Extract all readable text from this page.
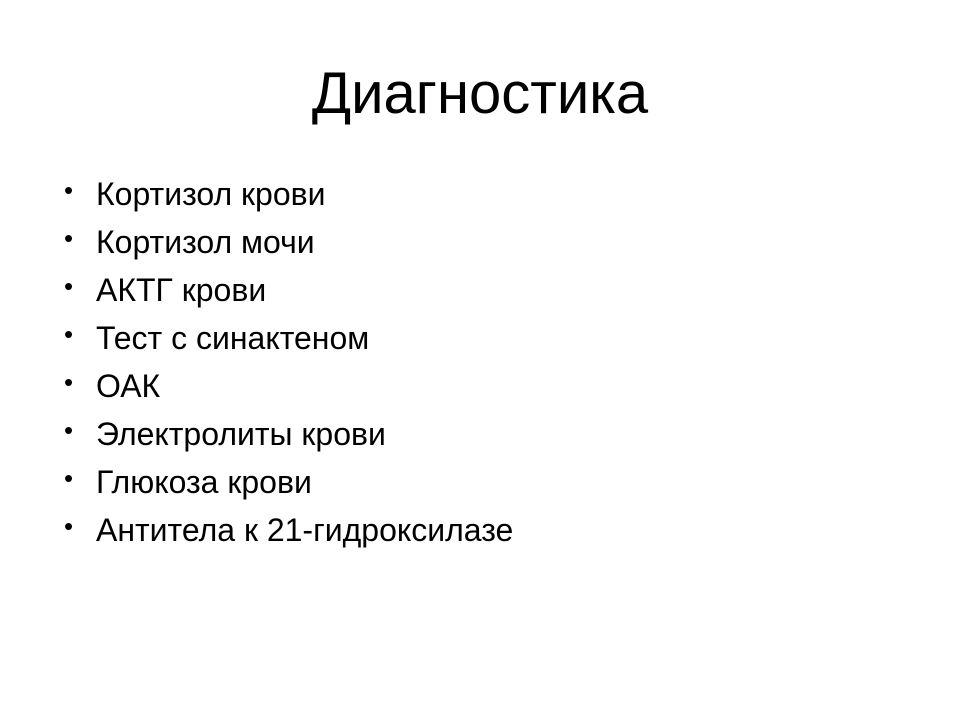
Диагностика
• Кортизол крови
• Кортизол мочи
• АКТГ крови
• Тест с синактеном
• ОАК
• Электролиты крови
• Глюкоза крови
• Антитела к 21-гидроксилазе
